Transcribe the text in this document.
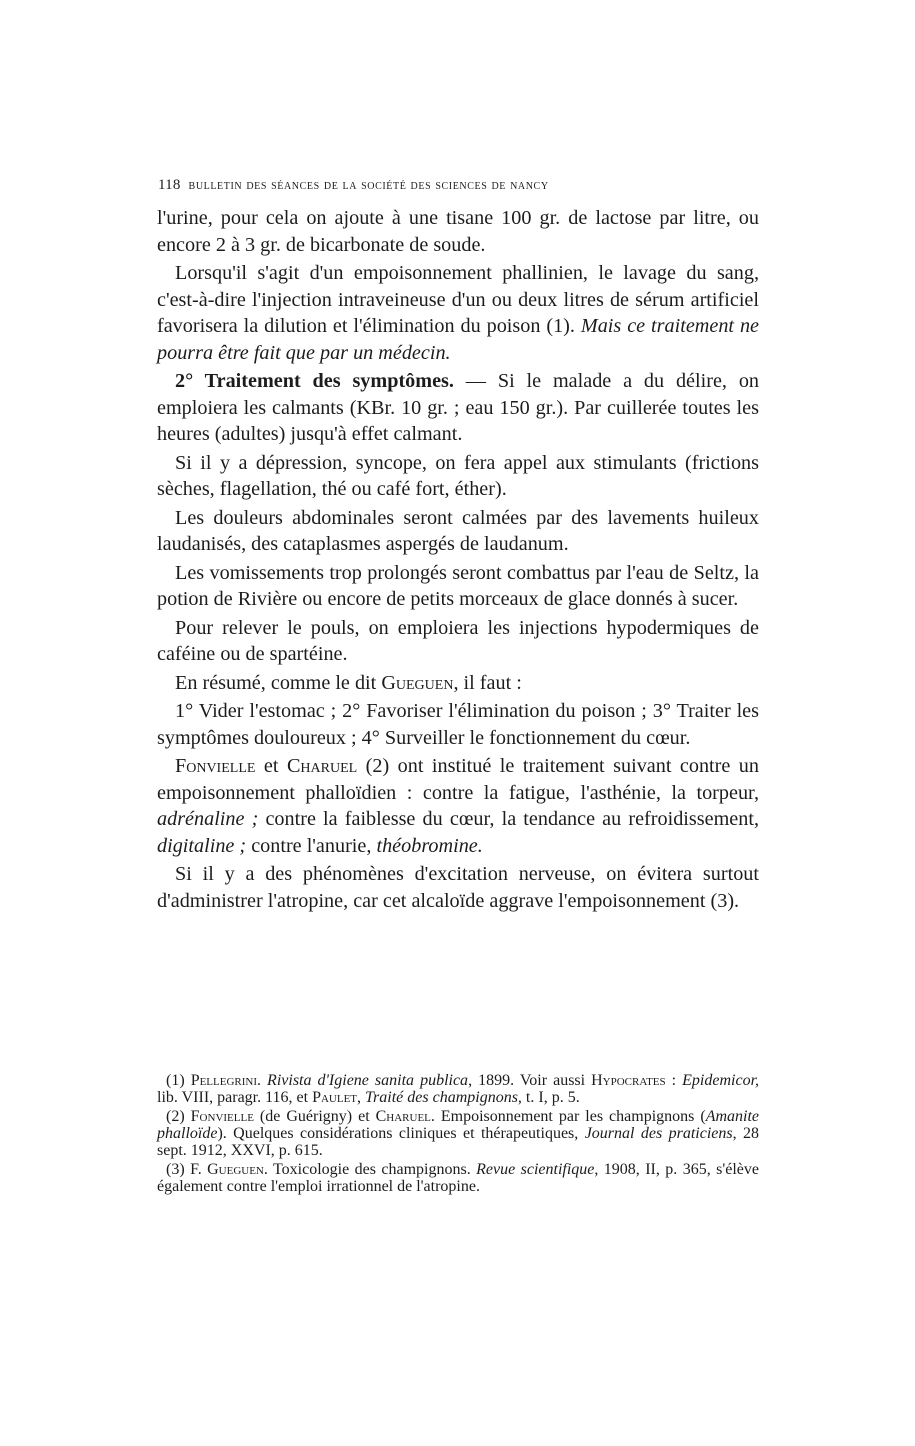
118 bulletin des séances de la société des sciences de nancy

l'urine, pour cela on ajoute à une tisane 100 gr. de lactose par litre, ou encore 2 à 3 gr. de bicarbonate de soude.

Lorsqu'il s'agit d'un empoisonnement phallinien, le lavage du sang, c'est-à-dire l'injection intraveineuse d'un ou deux litres de sérum artificiel favorisera la dilution et l'élimination du poison (1). Mais ce traitement ne pourra être fait que par un médecin.

2° Traitement des symptômes. — Si le malade a du délire, on emploiera les calmants (KBr. 10 gr. ; eau 150 gr.). Par cuillerée toutes les heures (adultes) jusqu'à effet calmant.

Si il y a dépression, syncope, on fera appel aux stimulants (frictions sèches, flagellation, thé ou café fort, éther).

Les douleurs abdominales seront calmées par des lavements huileux laudanisés, des cataplasmes aspergés de laudanum.

Les vomissements trop prolongés seront combattus par l'eau de Seltz, la potion de Rivière ou encore de petits morceaux de glace donnés à sucer.

Pour relever le pouls, on emploiera les injections hypodermiques de caféine ou de spartéine.

En résumé, comme le dit Gueguen, il faut :

1° Vider l'estomac ; 2° Favoriser l'élimination du poison ; 3° Traiter les symptômes douloureux ; 4° Surveiller le fonctionnement du cœur.

Fonvielle et Charuel (2) ont institué le traitement suivant contre un empoisonnement phalloïdien : contre la fatigue, l'asthénie, la torpeur, adrénaline ; contre la faiblesse du cœur, la tendance au refroidissement, digitaline ; contre l'anurie, théobromine.

Si il y a des phénomènes d'excitation nerveuse, on évitera surtout d'administrer l'atropine, car cet alcaloïde aggrave l'empoisonnement (3).

(1) Pellegrini. Rivista d'Igiene sanita publica, 1899. Voir aussi Hypocrates : Epidemicor, lib. VIII, paragr. 116, et Paulet, Traité des champignons, t. I, p. 5.

(2) Fonvielle (de Guérigny) et Charuel. Empoisonnement par les champignons (Amanite phalloïde). Quelques considérations cliniques et thérapeutiques, Journal des praticiens, 28 sept. 1912, XXVI, p. 615.

(3) F. Gueguen. Toxicologie des champignons. Revue scientifique, 1908, II, p. 365, s'élève également contre l'emploi irrationnel de l'atropine.
